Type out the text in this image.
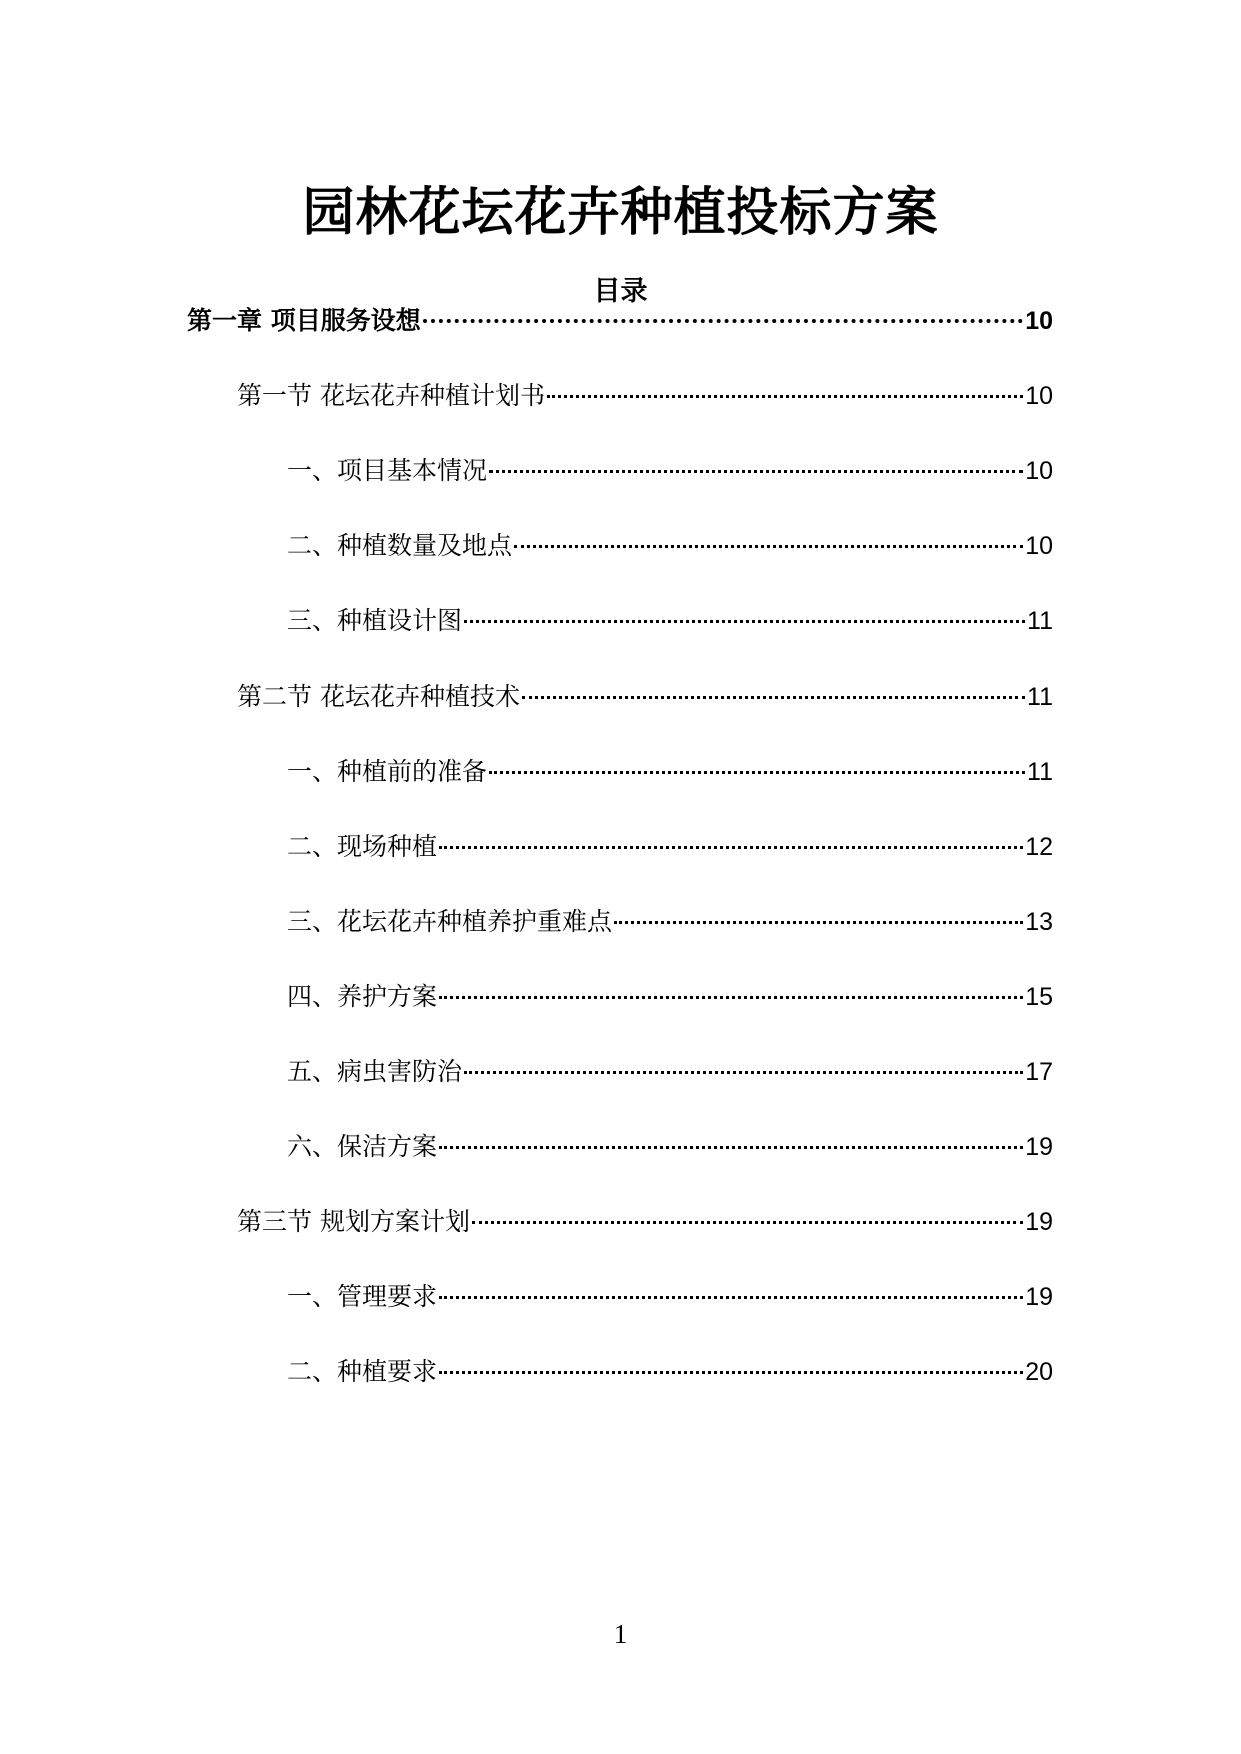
园林花坛花卉种植投标方案
目录
第一章 项目服务设想	10
第一节 花坛花卉种植计划书	10
一、项目基本情况	10
二、种植数量及地点	10
三、种植设计图	11
第二节 花坛花卉种植技术	11
一、种植前的准备	11
二、现场种植	12
三、花坛花卉种植养护重难点	13
四、养护方案	15
五、病虫害防治	17
六、保洁方案	19
第三节 规划方案计划	19
一、管理要求	19
二、种植要求	20
1
